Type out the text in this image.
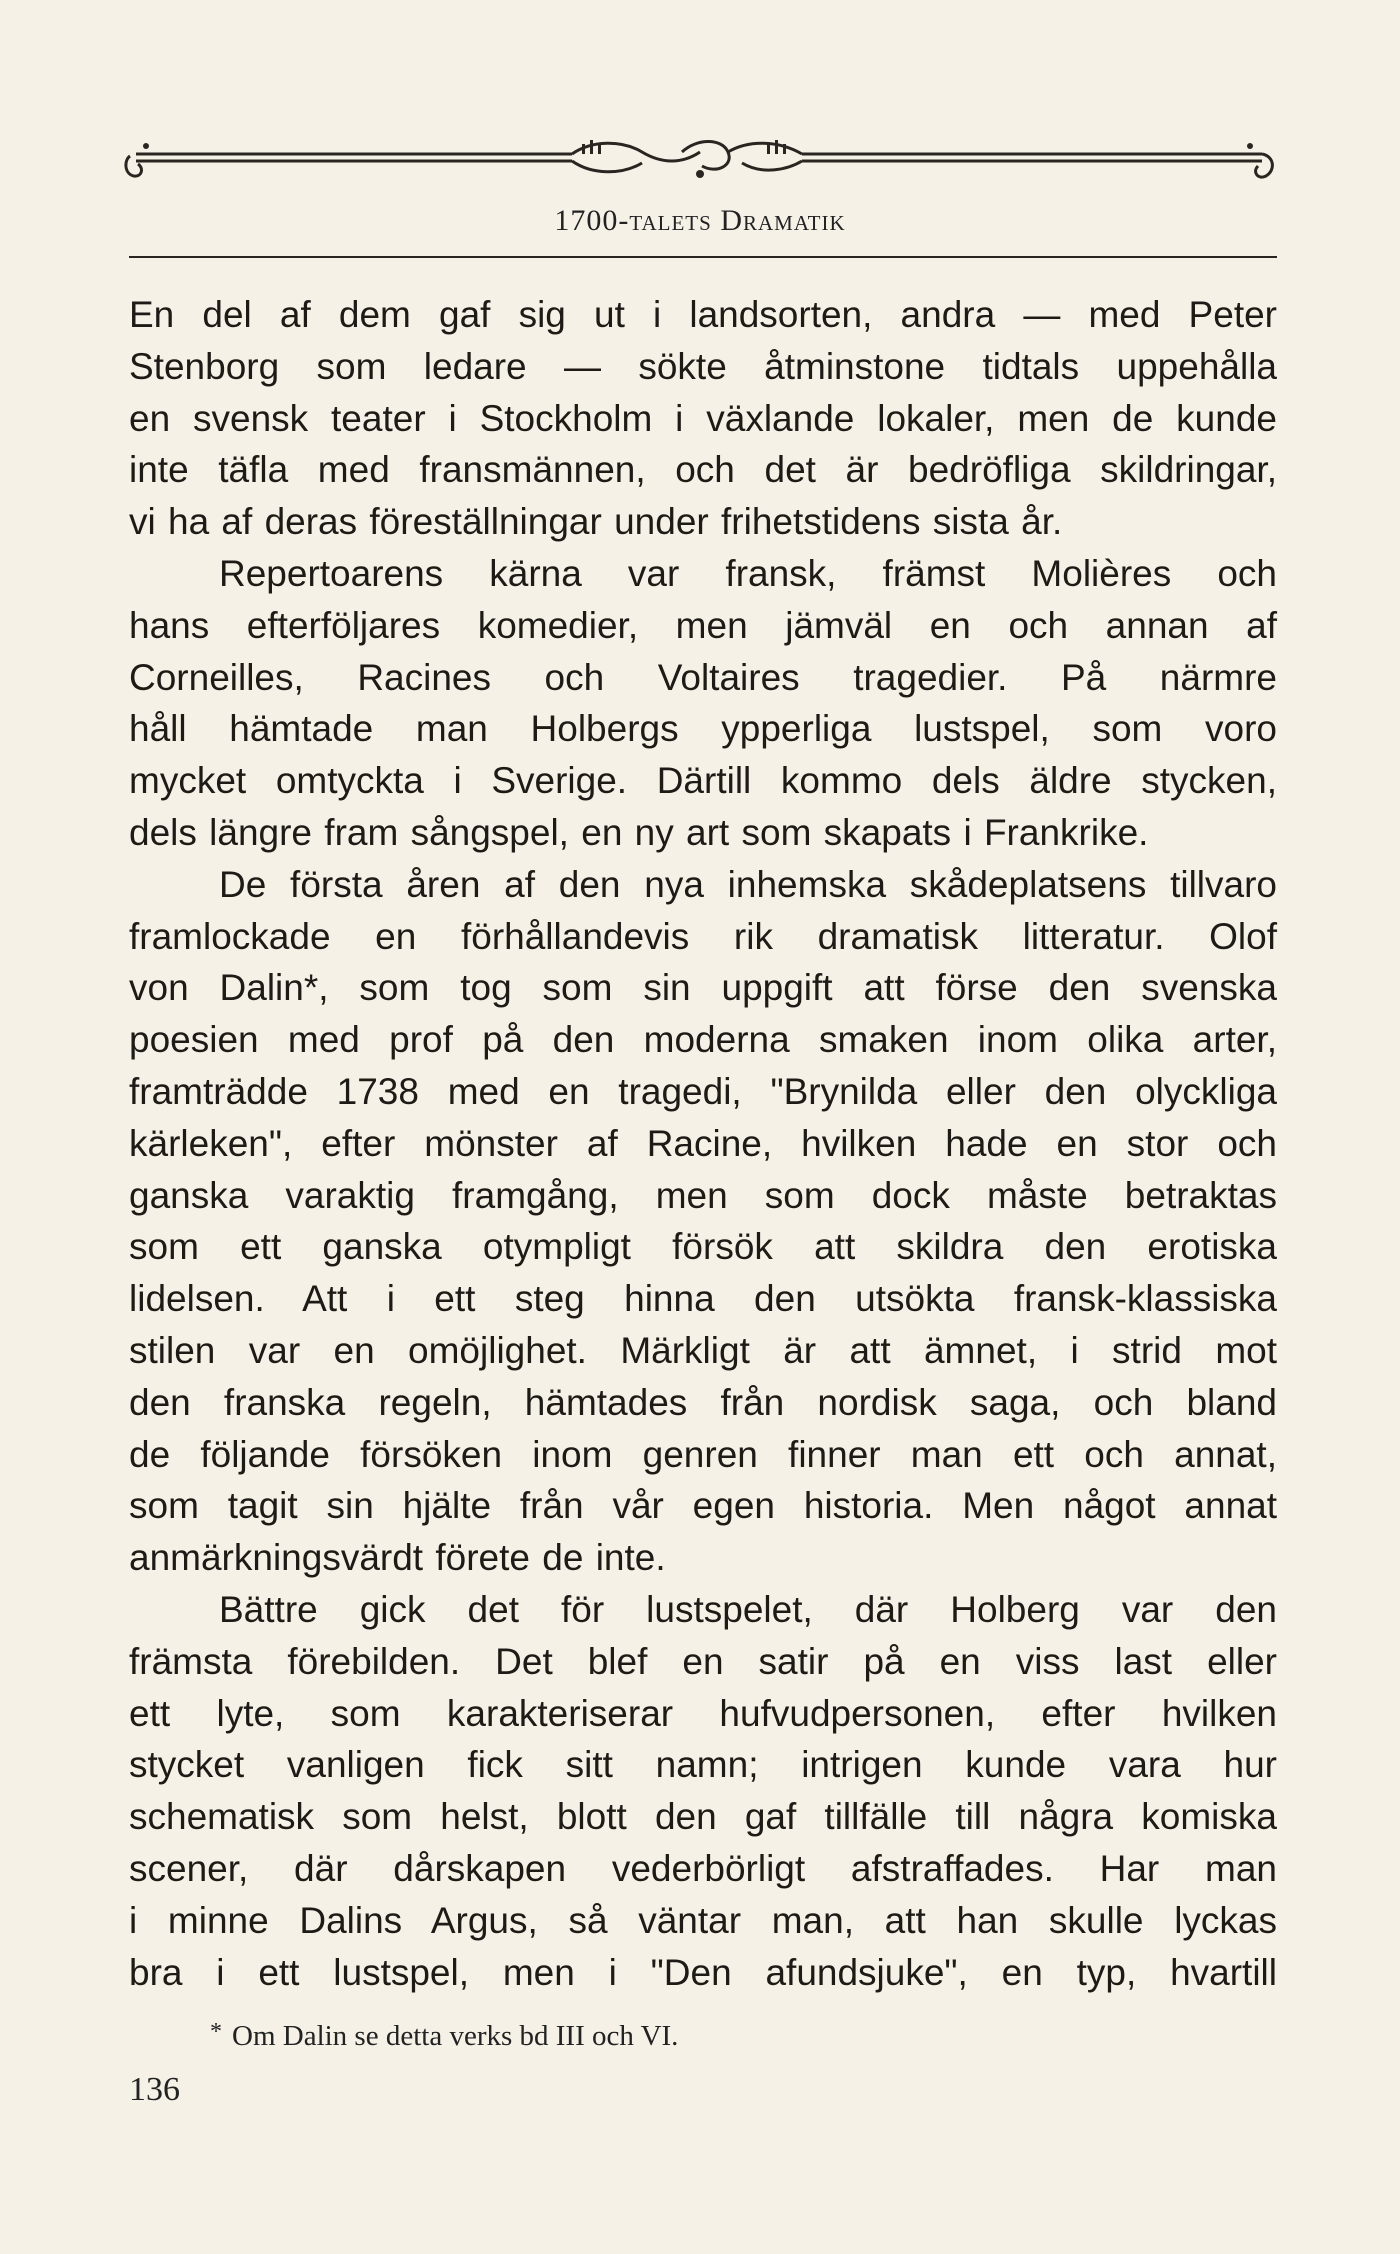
1700-talets Dramatik
En del af dem gaf sig ut i landsorten, andra — med Peter
Stenborg som ledare — sökte åtminstone tidtals uppehålla
en svensk teater i Stockholm i växlande lokaler, men de kunde
inte täfla med fransmännen, och det är bedröfliga skildringar,
vi ha af deras föreställningar under frihetstidens sista år.
Repertoarens kärna var fransk, främst Molières och
hans efterföljares komedier, men jämväl en och annan af
Corneilles, Racines och Voltaires tragedier. På närmre
håll hämtade man Holbergs ypperliga lustspel, som voro
mycket omtyckta i Sverige. Därtill kommo dels äldre stycken,
dels längre fram sångspel, en ny art som skapats i Frankrike.
De första åren af den nya inhemska skådeplatsens tillvaro
framlockade en förhållandevis rik dramatisk litteratur. Olof
von Dalin*, som tog som sin uppgift att förse den svenska
poesien med prof på den moderna smaken inom olika arter,
framträdde 1738 med en tragedi, "Brynilda eller den olyckliga
kärleken", efter mönster af Racine, hvilken hade en stor och
ganska varaktig framgång, men som dock måste betraktas
som ett ganska otympligt försök att skildra den erotiska
lidelsen. Att i ett steg hinna den utsökta fransk-klassiska
stilen var en omöjlighet. Märkligt är att ämnet, i strid mot
den franska regeln, hämtades från nordisk saga, och bland
de följande försöken inom genren finner man ett och annat,
som tagit sin hjälte från vår egen historia. Men något annat
anmärkningsvärdt förete de inte.
Bättre gick det för lustspelet, där Holberg var den
främsta förebilden. Det blef en satir på en viss last eller
ett lyte, som karakteriserar hufvudpersonen, efter hvilken
stycket vanligen fick sitt namn; intrigen kunde vara hur
schematisk som helst, blott den gaf tillfälle till några komiska
scener, där dårskapen vederbörligt afstraffades. Har man
i minne Dalins Argus, så väntar man, att han skulle lyckas
bra i ett lustspel, men i "Den afundsjuke", en typ, hvartill
* Om Dalin se detta verks bd III och VI.
136
